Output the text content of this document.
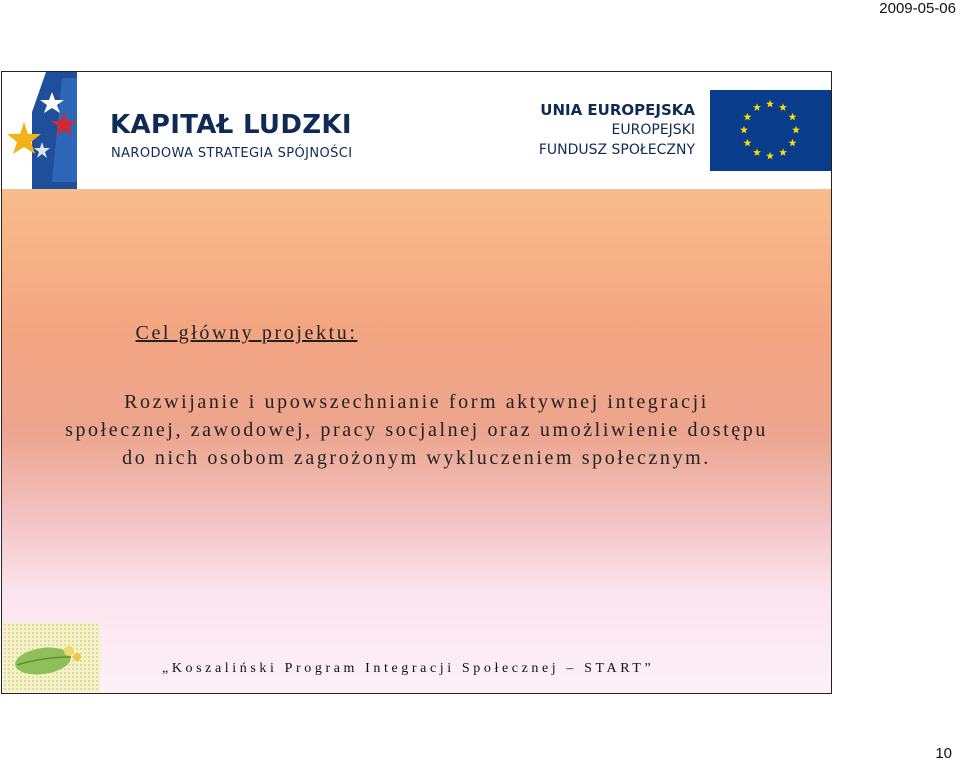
2009-05-06
KAPITAŁ LUDZKI
NARODOWA STRATEGIA SPÓJNOŚCI
UNIA EUROPEJSKA
EUROPEJSKI
FUNDUSZ SPOŁECZNY
Cel główny projektu:

Rozwijanie i upowszechnianie form aktywnej integracji społecznej, zawodowej, pracy socjalnej oraz umożliwienie dostępu do nich osobom zagrożonym wykluczeniem społecznym.

„Koszaliński Program Integracji Społecznej – START”
10
